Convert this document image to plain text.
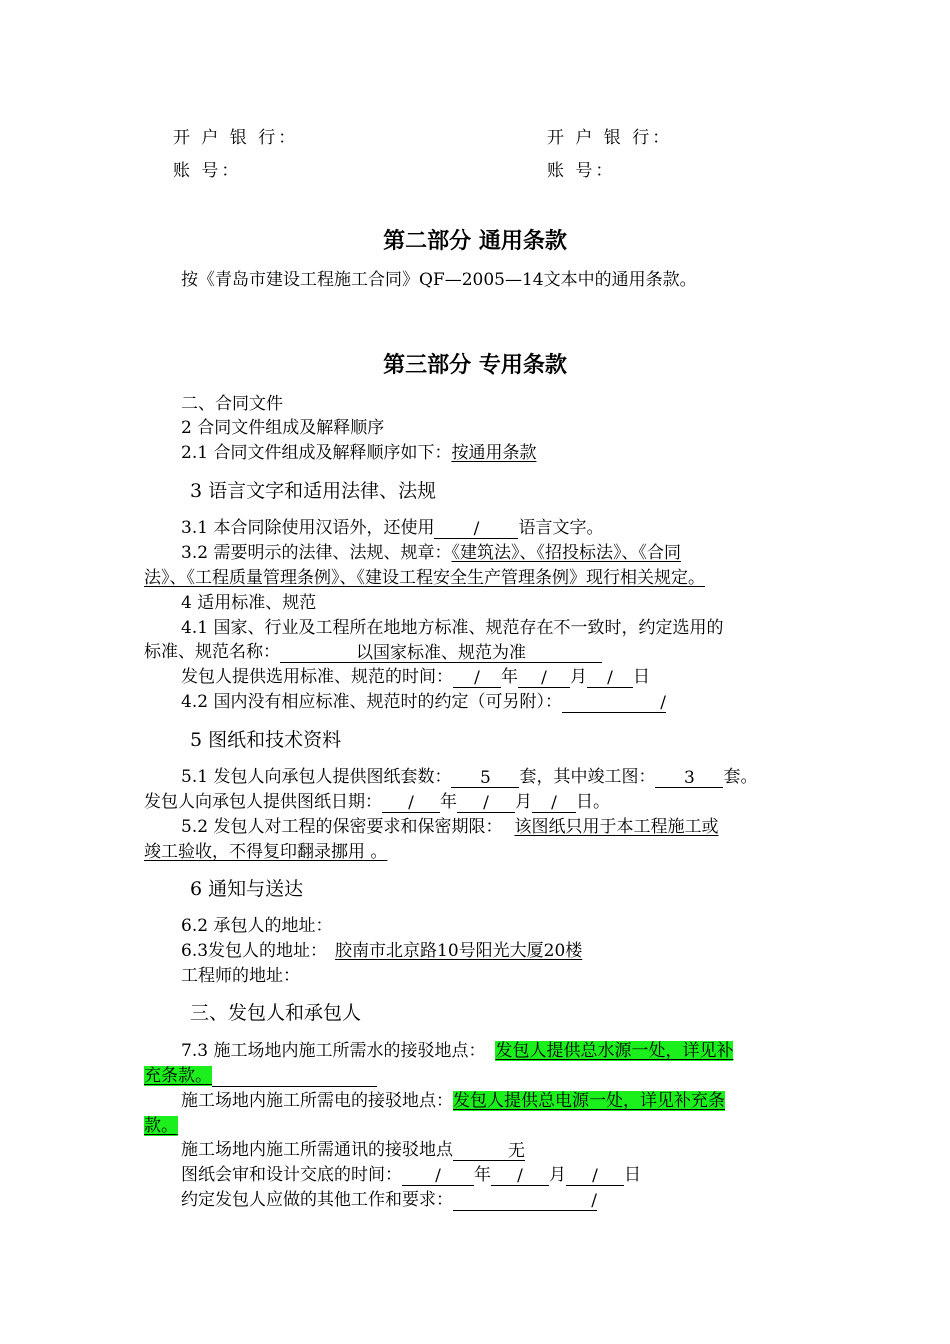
开 户 银 行：
账 号：
开 户 银 行：
账 号：
第二部分 通用条款
按《青岛市建设工程施工合同》QF—2005—14文本中的通用条款。
第三部分 专用条款
二、合同文件
2 合同文件组成及解释顺序
2.1 合同文件组成及解释顺序如下：按通用条款
3 语言文字和适用法律、法规
3.1 本合同除使用汉语外，还使用 / 语言文字。
3.2 需要明示的法律、法规、规章：《建筑法》、《招投标法》、《合同
法》、《工程质量管理条例》、《建设工程安全生产管理条例》现行相关规定。
4 适用标准、规范
4.1 国家、行业及工程所在地地方标准、规范存在不一致时，约定选用的
标准、规范名称：	以国家标准、规范为准
发包人提供选用标准、规范的时间： / 年 / 月 / 日
4.2 国内没有相应标准、规范时的约定（可另附）：	/
5 图纸和技术资料
5.1 发包人向承包人提供图纸套数： 5 套，其中竣工图： 3 套。
发包人向承包人提供图纸日期： / 年 / 月 / 日。
5.2 发包人对工程的保密要求和保密期限： 该图纸只用于本工程施工或
竣工验收，不得复印翻录挪用 。
6 通知与送达
6.2 承包人的地址：
6.3发包人的地址： 胶南市北京路10号阳光大厦20楼
工程师的地址：
三、发包人和承包人
7.3 施工场地内施工所需水的接驳地点： 发包人提供总水源一处，详见补
充条款。
施工场地内施工所需电的接驳地点：发包人提供总电源一处，详见补充条
款。
施工场地内施工所需通讯的接驳地点	无
图纸会审和设计交底的时间： / 年 / 月 / 日
约定发包人应做的其他工作和要求：	/
